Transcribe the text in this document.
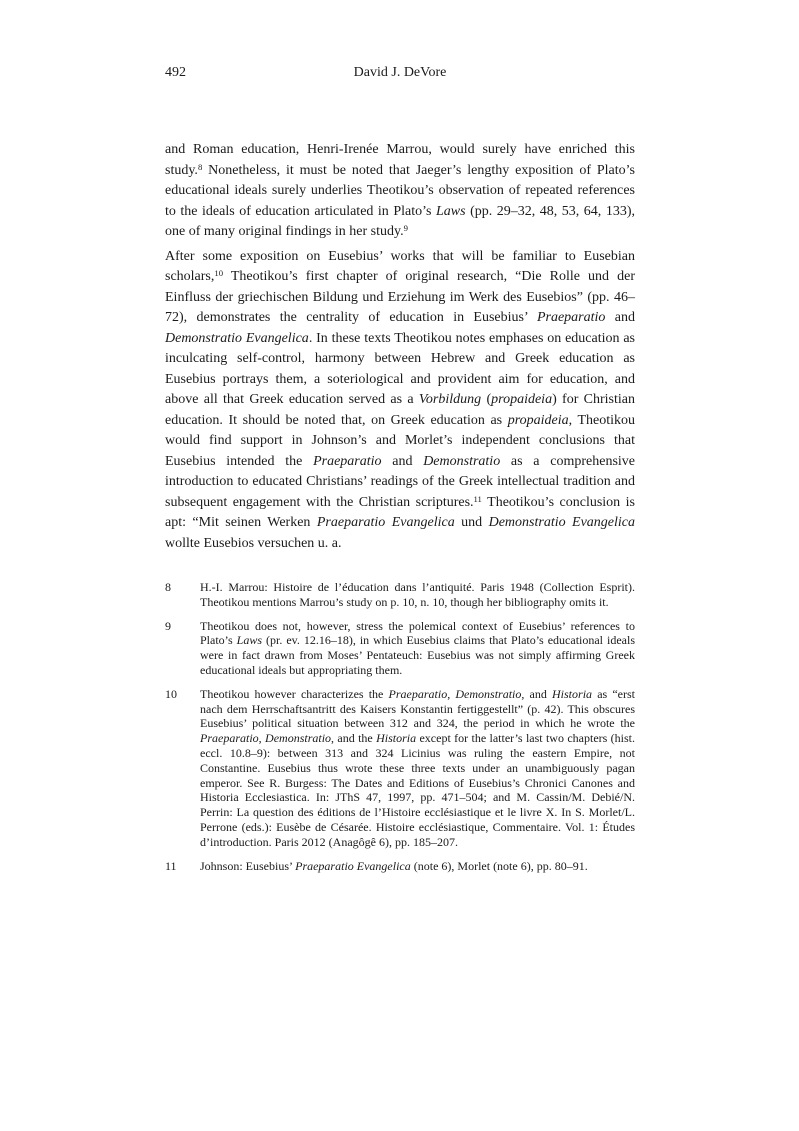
492	David J. DeVore

and Roman education, Henri-Irenée Marrou, would surely have enriched this study.$^8$ Nonetheless, it must be noted that Jaeger’s lengthy exposition of Plato’s educational ideals surely underlies Theotikou’s observation of repeated references to the ideals of education articulated in Plato’s Laws (pp. 29–32, 48, 53, 64, 133), one of many original findings in her study.$^9$

After some exposition on Eusebius’ works that will be familiar to Eusebian scholars,$^{10}$ Theotikou’s first chapter of original research, “Die Rolle und der Einfluss der griechischen Bildung und Erziehung im Werk des Eusebios” (pp. 46–72), demonstrates the centrality of education in Eusebius’ Praeparatio and Demonstratio Evangelica. In these texts Theotikou notes emphases on education as inculcating self-control, harmony between Hebrew and Greek education as Eusebius portrays them, a soteriological and provident aim for education, and above all that Greek education served as a Vorbildung (propaideia) for Christian education. It should be noted that, on Greek education as propaideia, Theotikou would find support in Johnson’s and Morlet’s independent conclusions that Eusebius intended the Praeparatio and Demonstratio as a comprehensive introduction to educated Christians’ readings of the Greek intellectual tradition and subsequent engagement with the Christian scriptures.$^{11}$ Theotikou’s conclusion is apt: “Mit seinen Werken Praeparatio Evangelica und Demonstratio Evangelica wollte Eusebios versuchen u. a.

8	H.-I. Marrou: Histoire de l’éducation dans l’antiquité. Paris 1948 (Collection Esprit). Theotikou mentions Marrou’s study on p. 10, n. 10, though her bibliography omits it.
9	Theotikou does not, however, stress the polemical context of Eusebius’ references to Plato’s Laws (pr. ev. 12.16–18), in which Eusebius claims that Plato’s educational ideals were in fact drawn from Moses’ Pentateuch: Eusebius was not simply affirming Greek educational ideals but appropriating them.
10	Theotikou however characterizes the Praeparatio, Demonstratio, and Historia as “erst nach dem Herrschaftsantritt des Kaisers Konstantin fertiggestellt” (p. 42). This obscures Eusebius’ political situation between 312 and 324, the period in which he wrote the Praeparatio, Demonstratio, and the Historia except for the latter’s last two chapters (hist. eccl. 10.8–9): between 313 and 324 Licinius was ruling the eastern Empire, not Constantine. Eusebius thus wrote these three texts under an unambiguously pagan emperor. See R. Burgess: The Dates and Editions of Eusebius’s Chronici Canones and Historia Ecclesiastica. In: JThS 47, 1997, pp. 471–504; and M. Cassin/M. Debié/N. Perrin: La question des éditions de l’Histoire ecclésiastique et le livre X. In S. Morlet/L. Perrone (eds.): Eusèbe de Césarée. Histoire ecclésiastique, Commentaire. Vol. 1: Études d’introduction. Paris 2012 (Anagôgê 6), pp. 185–207.
11	Johnson: Eusebius’ Praeparatio Evangelica (note 6), Morlet (note 6), pp. 80–91.
